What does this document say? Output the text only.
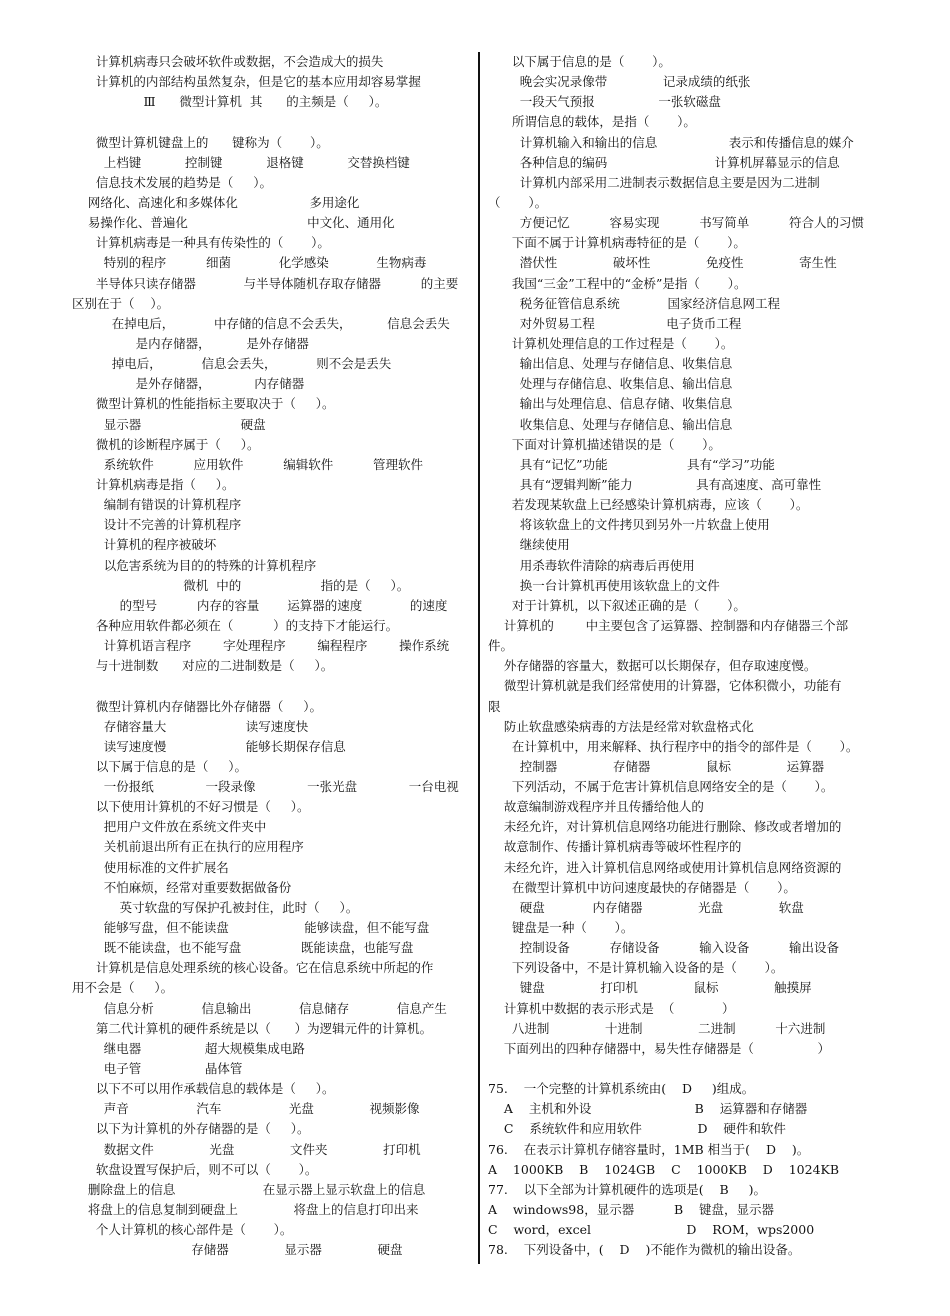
计算机病毒只会破坏软件或数据，不会造成大的损失
计算机的内部结构虽然复杂，但是它的基本应用却容易掌握
Ⅲ      微型计算机  其      的主频是（     ）。
微型计算机键盘上的      键称为（       ）。
上档键           控制键           退格键           交替换档键
信息技术发展的趋势是（     ）。
网络化、高速化和多媒体化                  多用途化
易操作化、普遍化                              中文化、通用化
计算机病毒是一种具有传染性的（       ）。
特别的程序          细菌            化学感染            生物病毒
半导体只读存储器            与半导体随机存取存储器          的主要
区别在于（    ）。
在掉电后，          中存储的信息不会丢失，         信息会丢失
是内存储器，         是外存储器
掉电后，          信息会丢失，          则不会是丢失
是外存储器，           内存储器
微型计算机的性能指标主要取决于（     ）。
显示器                         硬盘
微机的诊断程序属于（     ）。
系统软件          应用软件          编辑软件          管理软件
计算机病毒是指（     ）。
编制有错误的计算机程序
设计不完善的计算机程序
计算机的程序被破坏
以危害系统为目的的特殊的计算机程序
微机  中的                    指的是（     ）。
的型号          内存的容量       运算器的速度            的速度
各种应用软件都必须在（          ）的支持下才能运行。
计算机语言程序        字处理程序        编程程序        操作系统
与十进制数      对应的二进制数是（     ）。
微型计算机内存储器比外存储器（     ）。
存储容量大                    读写速度快
读写速度慢                    能够长期保存信息
以下属于信息的是（     ）。
一份报纸             一段录像             一张光盘             一台电视
以下使用计算机的不好习惯是（     ）。
把用户文件放在系统文件夹中
关机前退出所有正在执行的应用程序
使用标准的文件扩展名
不怕麻烦，经常对重要数据做备份
英寸软盘的写保护孔被封住，此时（     ）。
能够写盘，但不能读盘                   能够读盘，但不能写盘
既不能读盘，也不能写盘               既能读盘，也能写盘
计算机是信息处理系统的核心设备。它在信息系统中所起的作
用不会是（     ）。
信息分析            信息输出            信息储存            信息产生
第二代计算机的硬件系统是以（      ）为逻辑元件的计算机。
继电器                超大规模集成电路
电子管                晶体管
以下不可以用作承载信息的载体是（     ）。
声音                 汽车                 光盘              视频影像
以下为计算机的外存储器的是（     ）。
数据文件              光盘              文件夹              打印机
软盘设置写保护后，则不可以（       ）。
删除盘上的信息                      在显示器上显示软盘上的信息
将盘上的信息复制到硬盘上              将盘上的信息打印出来
个人计算机的核心部件是（       ）。
存储器              显示器              硬盘
以下属于信息的是（       ）。
晚会实况录像带              记录成绩的纸张
一段天气预报                一张软磁盘
所谓信息的载体，是指（       ）。
计算机输入和输出的信息                  表示和传播信息的媒介
各种信息的编码                           计算机屏幕显示的信息
计算机内部采用二进制表示数据信息主要是因为二进制
（       ）。
方便记忆          容易实现          书写简单          符合人的习惯
下面不属于计算机病毒特征的是（       ）。
潜伏性              破坏性              免疫性              寄生性
我国“三金”工程中的“金桥”是指（       ）。
税务征管信息系统            国家经济信息网工程
对外贸易工程                  电子货币工程
计算机处理信息的工作过程是（       ）。
输出信息、处理与存储信息、收集信息
处理与存储信息、收集信息、输出信息
输出与处理信息、信息存储、收集信息
收集信息、处理与存储信息、输出信息
下面对计算机描述错误的是（       ）。
具有“记忆”功能                    具有“学习”功能
具有“逻辑判断”能力                具有高速度、高可靠性
若发现某软盘上已经感染计算机病毒，应该（       ）。
将该软盘上的文件拷贝到另外一片软盘上使用
继续使用
用杀毒软件清除的病毒后再使用
换一台计算机再使用该软盘上的文件
对于计算机，以下叙述正确的是（       ）。
计算机的        中主要包含了运算器、控制器和内存储器三个部
件。
外存储器的容量大，数据可以长期保存，但存取速度慢。
微型计算机就是我们经常使用的计算器，它体积微小，功能有
限
防止软盘感染病毒的方法是经常对软盘格式化
在计算机中，用来解释、执行程序中的指令的部件是（       ）。
控制器              存储器              鼠标              运算器
下列活动，不属于危害计算机信息网络安全的是（       ）。
故意编制游戏程序并且传播给他人的
未经允许，对计算机信息网络功能进行删除、修改或者增加的
故意制作、传播计算机病毒等破坏性程序的
未经允许，进入计算机信息网络或使用计算机信息网络资源的
在微型计算机中访问速度最快的存储器是（       ）。
硬盘            内存储器              光盘              软盘
键盘是一种（       ）。
控制设备          存储设备          输入设备          输出设备
下列设备中，不是计算机输入设备的是（       ）。
键盘              打印机              鼠标              触摸屏
计算机中数据的表示形式是  （            ）
八进制              十进制              二进制          十六进制
下面列出的四种存储器中，易失性存储器是（                ）
75.    一个完整的计算机系统由(    D     )组成。
A    主机和外设                          B    运算器和存储器
C    系统软件和应用软件              D    硬件和软件
76.    在表示计算机存储容量时，1MB 相当于(    D    )。
A    1000KB    B    1024GB    C    1000KB    D    1024KB
77.    以下全部为计算机硬件的选项是(    B     )。
A    windows98，显示器          B    键盘，显示器
C    word，excel                        D    ROM，wps2000
78.    下列设备中，(    D    )不能作为微机的输出设备。
